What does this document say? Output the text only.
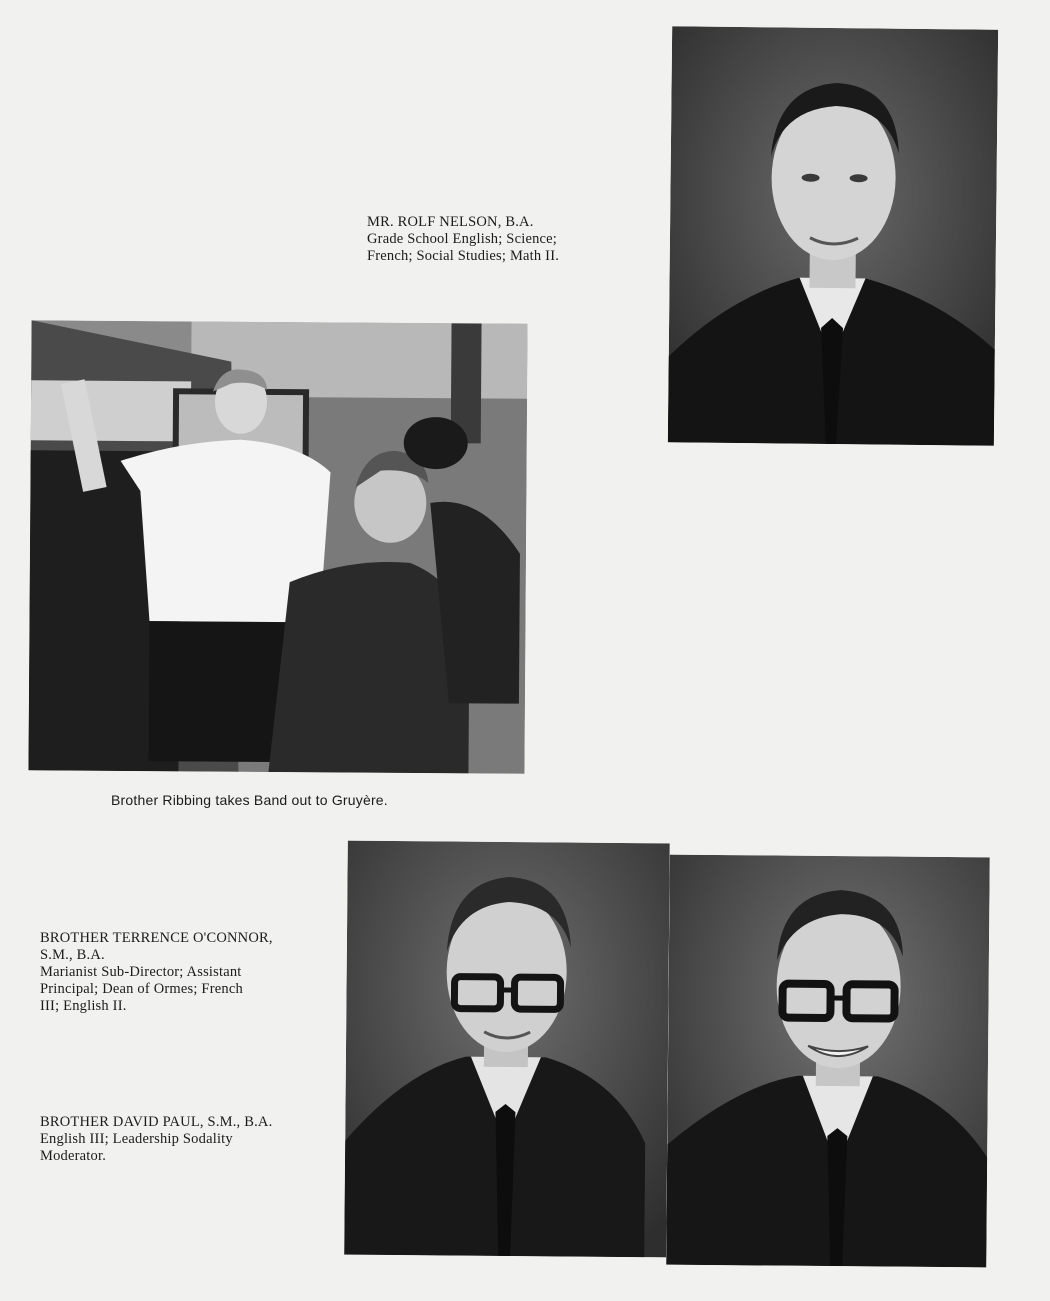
MR. ROLF NELSON, B.A.
Grade School English; Science;
French; Social Studies; Math II.
Brother Ribbing takes Band out to Gruyère.
BROTHER TERRENCE O'CONNOR,
S.M., B.A.
Marianist Sub-Director; Assistant
Principal; Dean of Ormes; French
III; English II.
BROTHER DAVID PAUL, S.M., B.A.
English III; Leadership Sodality
Moderator.
